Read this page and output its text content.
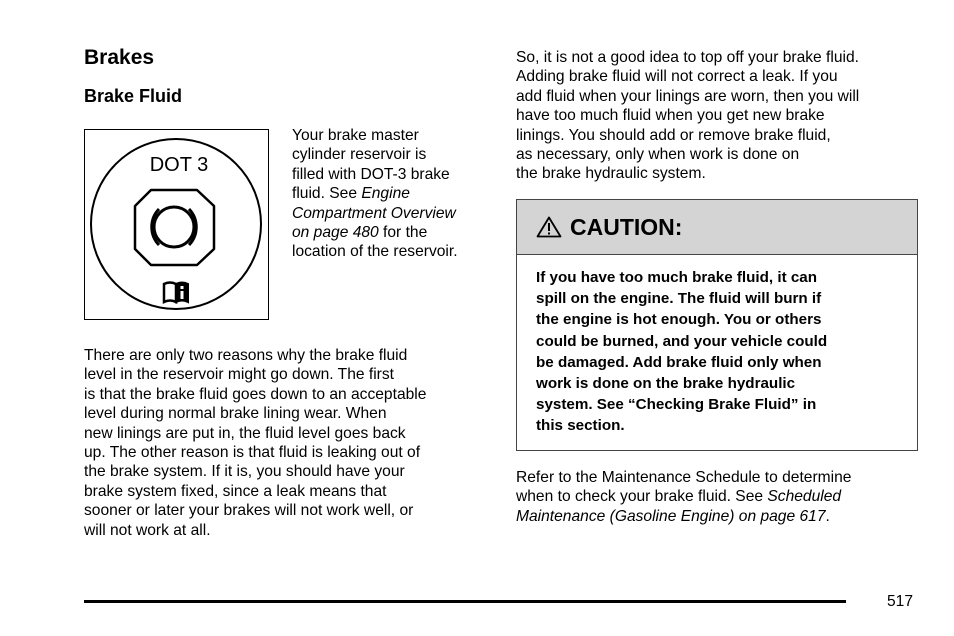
Brakes
Brake Fluid
DOT 3
Your brake master
cylinder reservoir is
filled with DOT-3 brake
fluid. See Engine
Compartment Overview
on page 480 for the
location of the reservoir.
There are only two reasons why the brake fluid
level in the reservoir might go down. The first
is that the brake fluid goes down to an acceptable
level during normal brake lining wear. When
new linings are put in, the fluid level goes back
up. The other reason is that fluid is leaking out of
the brake system. If it is, you should have your
brake system fixed, since a leak means that
sooner or later your brakes will not work well, or
will not work at all.
So, it is not a good idea to top off your brake fluid.
Adding brake fluid will not correct a leak. If you
add fluid when your linings are worn, then you will
have too much fluid when you get new brake
linings. You should add or remove brake fluid,
as necessary, only when work is done on
the brake hydraulic system.
CAUTION:
If you have too much brake fluid, it can
spill on the engine. The fluid will burn if
the engine is hot enough. You or others
could be burned, and your vehicle could
be damaged. Add brake fluid only when
work is done on the brake hydraulic
system. See “Checking Brake Fluid” in
this section.
Refer to the Maintenance Schedule to determine
when to check your brake fluid. See Scheduled
Maintenance (Gasoline Engine) on page 617.
517
